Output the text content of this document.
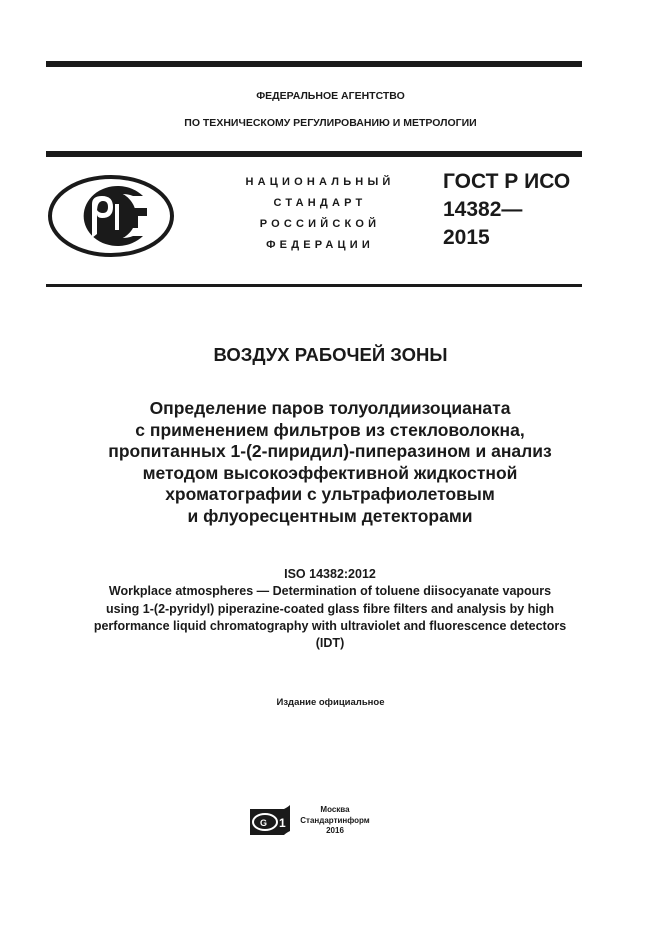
ФЕДЕРАЛЬНОЕ АГЕНТСТВО
ПО ТЕХНИЧЕСКОМУ РЕГУЛИРОВАНИЮ И МЕТРОЛОГИИ
НАЦИОНАЛЬНЫЙ
СТАНДАРТ
РОССИЙСКОЙ
ФЕДЕРАЦИИ
ГОСТ Р ИСО
14382—
2015
ВОЗДУХ РАБОЧЕЙ ЗОНЫ
Определение паров толуолдиизоцианата
с применением фильтров из стекловолокна,
пропитанных 1-(2-пиридил)-пиперазином и анализ
методом высокоэффективной жидкостной
хроматографии с ультрафиолетовым
и флуоресцентным детекторами
ISO 14382:2012
Workplace atmospheres — Determination of toluene diisocyanate vapours
using 1-(2-pyridyl) piperazine-coated glass fibre filters and analysis by high
performance liquid chromatography with ultraviolet and fluorescence detectors
(IDT)
Издание официальное
G 1
Москва
Стандартинформ
2016
